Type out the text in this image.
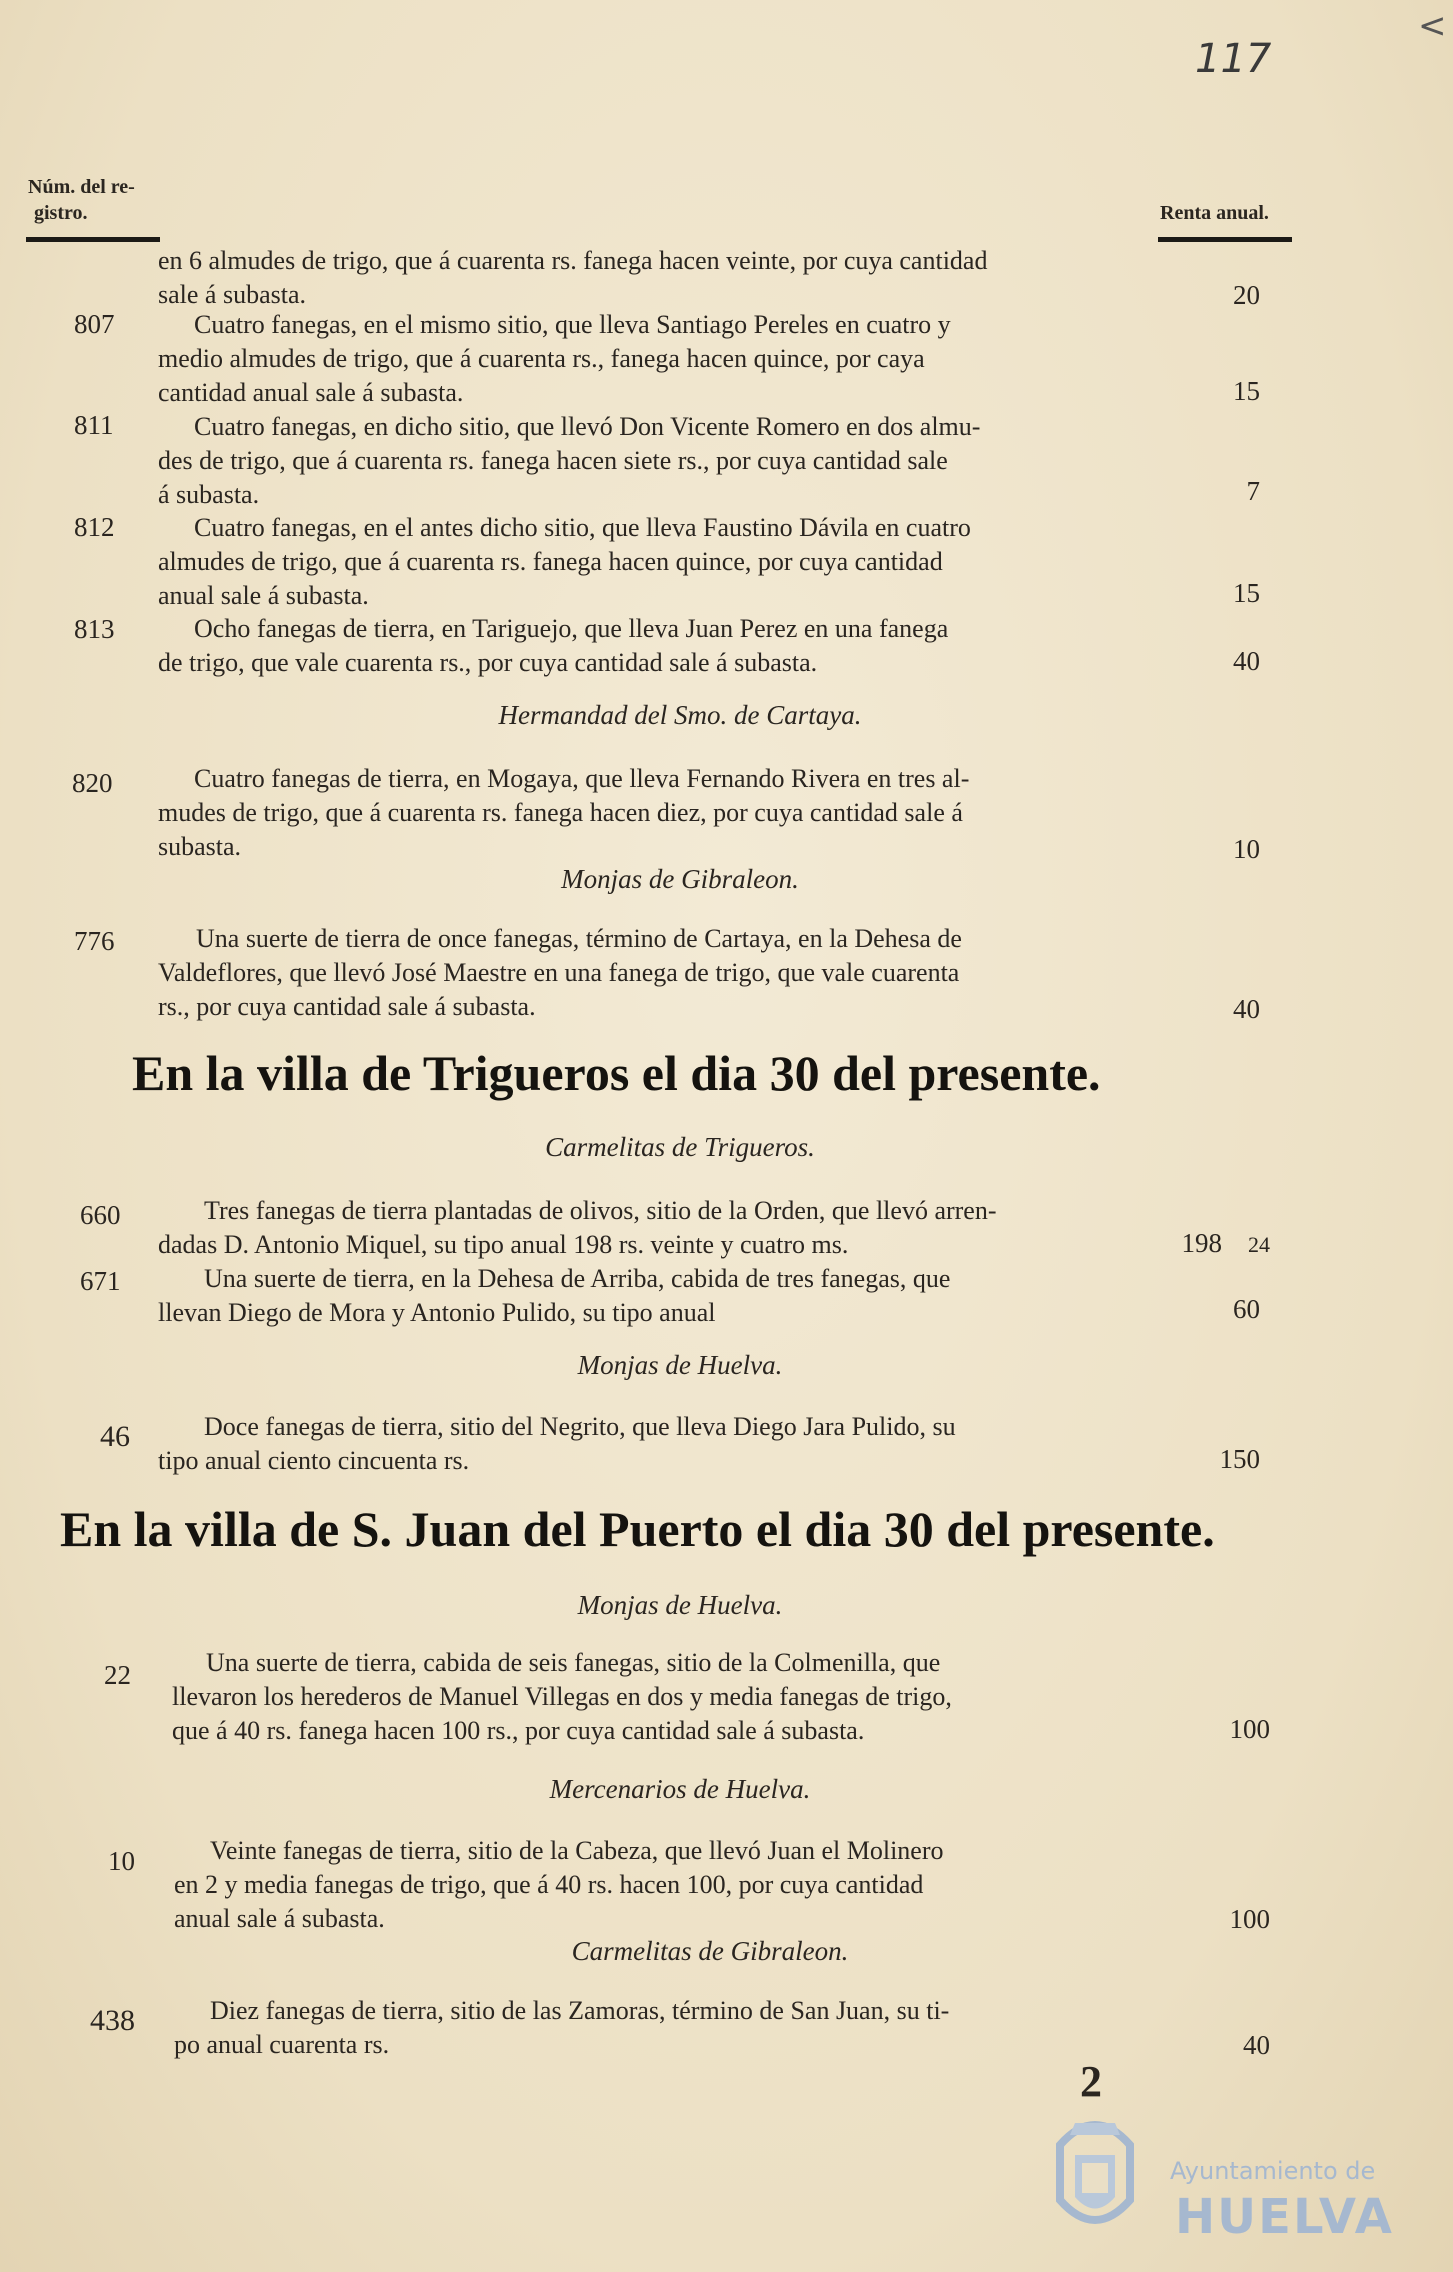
117
<
Núm. del re-
gistro.	Renta anual.

en 6 almudes de trigo, que á cuarenta rs. fanega hacen veinte, por cuya cantidad

sale á subasta.	20
807	Cuatro fanegas, en el mismo sitio, que lleva Santiago Pereles en cuatro y

medio almudes de trigo, que á cuarenta rs., fanega hacen quince, por caya

cantidad anual sale á subasta.	15
811	Cuatro fanegas, en dicho sitio, que llevó Don Vicente Romero en dos almu-

des de trigo, que á cuarenta rs. fanega hacen siete rs., por cuya cantidad sale

á subasta.	7
812	Cuatro fanegas, en el antes dicho sitio, que lleva Faustino Dávila en cuatro

almudes de trigo, que á cuarenta rs. fanega hacen quince, por cuya cantidad

anual sale á subasta.	15
813	Ocho fanegas de tierra, en Tariguejo, que lleva Juan Perez en una fanega

de trigo, que vale cuarenta rs., por cuya cantidad sale á subasta.	40
Hermandad del Smo. de Cartaya.
820	Cuatro fanegas de tierra, en Mogaya, que lleva Fernando Rivera en tres al-

mudes de trigo, que á cuarenta rs. fanega hacen diez, por cuya cantidad sale á

subasta.	10
Monjas de Gibraleon.
776	Una suerte de tierra de once fanegas, término de Cartaya, en la Dehesa de

Valdeflores, que llevó José Maestre en una fanega de trigo, que vale cuarenta

rs., por cuya cantidad sale á subasta.	40
En la villa de Trigueros el dia 30 del presente.
Carmelitas de Trigueros.
660	Tres fanegas de tierra plantadas de olivos, sitio de la Orden, que llevó arren-

dadas D. Antonio Miquel, su tipo anual 198 rs. veinte y cuatro ms.	198 24
671	Una suerte de tierra, en la Dehesa de Arriba, cabida de tres fanegas, que

llevan Diego de Mora y Antonio Pulido, su tipo anual	60
Monjas de Huelva.
46	Doce fanegas de tierra, sitio del Negrito, que lleva Diego Jara Pulido, su

tipo anual ciento cincuenta rs.	150
En la villa de S. Juan del Puerto el dia 30 del presente.
Monjas de Huelva.
22	Una suerte de tierra, cabida de seis fanegas, sitio de la Colmenilla, que

llevaron los herederos de Manuel Villegas en dos y media fanegas de trigo,

que á 40 rs. fanega hacen 100 rs., por cuya cantidad sale á subasta.	100
Mercenarios de Huelva.
10	Veinte fanegas de tierra, sitio de la Cabeza, que llevó Juan el Molinero

en 2 y media fanegas de trigo, que á 40 rs. hacen 100, por cuya cantidad

anual sale á subasta.	100
Carmelitas de Gibraleon.
438	Diez fanegas de tierra, sitio de las Zamoras, término de San Juan, su ti-

po anual cuarenta rs.	40
2
Ayuntamiento de
HUELVA
